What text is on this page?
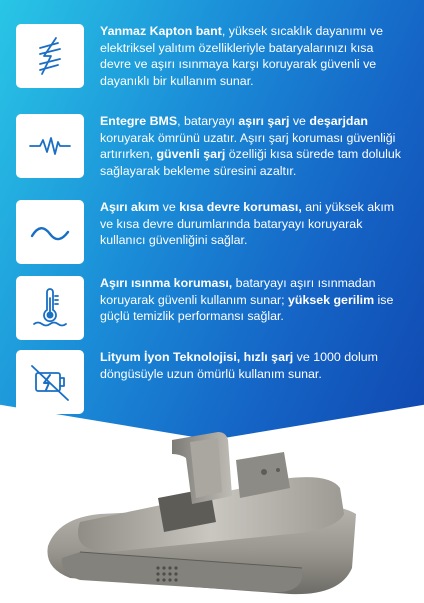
Yanmaz Kapton bant, yüksek sıcaklık dayanımı ve elektriksel yalıtım özellikleriyle bataryalarınızı kısa devre ve aşırı ısınmaya karşı koruyarak güvenli ve dayanıklı bir kullanım sunar.
Entegre BMS, bataryayı aşırı şarj ve deşarjdan koruyarak ömrünü uzatır. Aşırı şarj koruması güvenliği artırırken, güvenli şarj özelliği kısa sürede tam doluluk sağlayarak bekleme süresini azaltır.
Aşırı akım ve kısa devre koruması, ani yüksek akım ve kısa devre durumlarında bataryayı koruyarak kullanıcı güvenliğini sağlar.
Aşırı ısınma koruması, bataryayı aşırı ısınmadan koruyarak güvenli kullanım sunar; yüksek gerilim ise güçlü temizlik performansı sağlar.
Lityum İyon Teknolojisi, hızlı şarj ve 1000 dolum döngüsüyle uzun ömürlü kullanım sunar.
